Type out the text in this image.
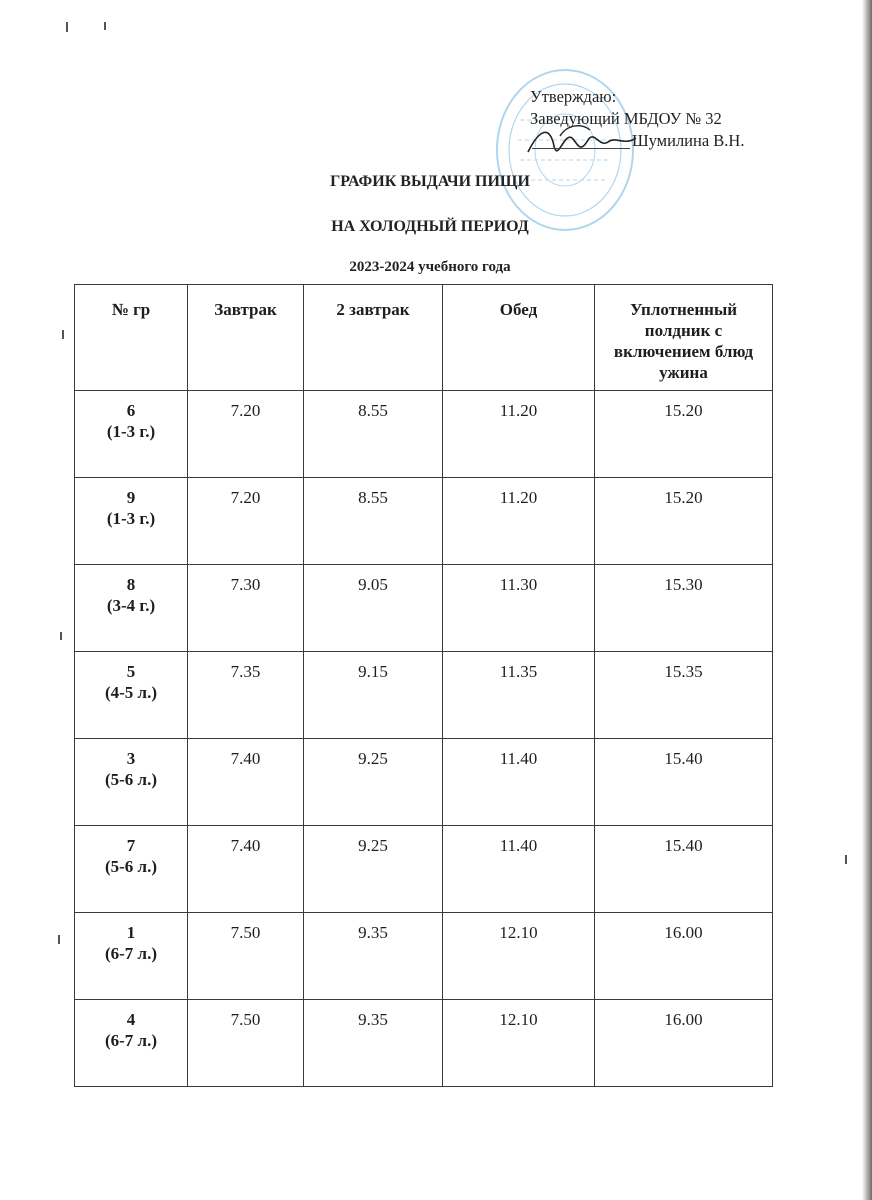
Утверждаю:
Заведующий МБДОУ № 32
Шумилина В.Н.
ГРАФИК ВЫДАЧИ ПИЩИ
НА ХОЛОДНЫЙ ПЕРИОД
2023-2024 учебного года
№ гр	Завтрак	2 завтрак	Обед	Уплотненный полдник с включением блюд ужина

6
(1-3 г.)	7.20	8.55	11.20	15.20

9
(1-3 г.)	7.20	8.55	11.20	15.20

8
(3-4 г.)	7.30	9.05	11.30	15.30

5
(4-5 л.)	7.35	9.15	11.35	15.35

3
(5-6 л.)	7.40	9.25	11.40	15.40

7
(5-6 л.)	7.40	9.25	11.40	15.40

1
(6-7 л.)	7.50	9.35	12.10	16.00

4
(6-7 л.)	7.50	9.35	12.10	16.00
